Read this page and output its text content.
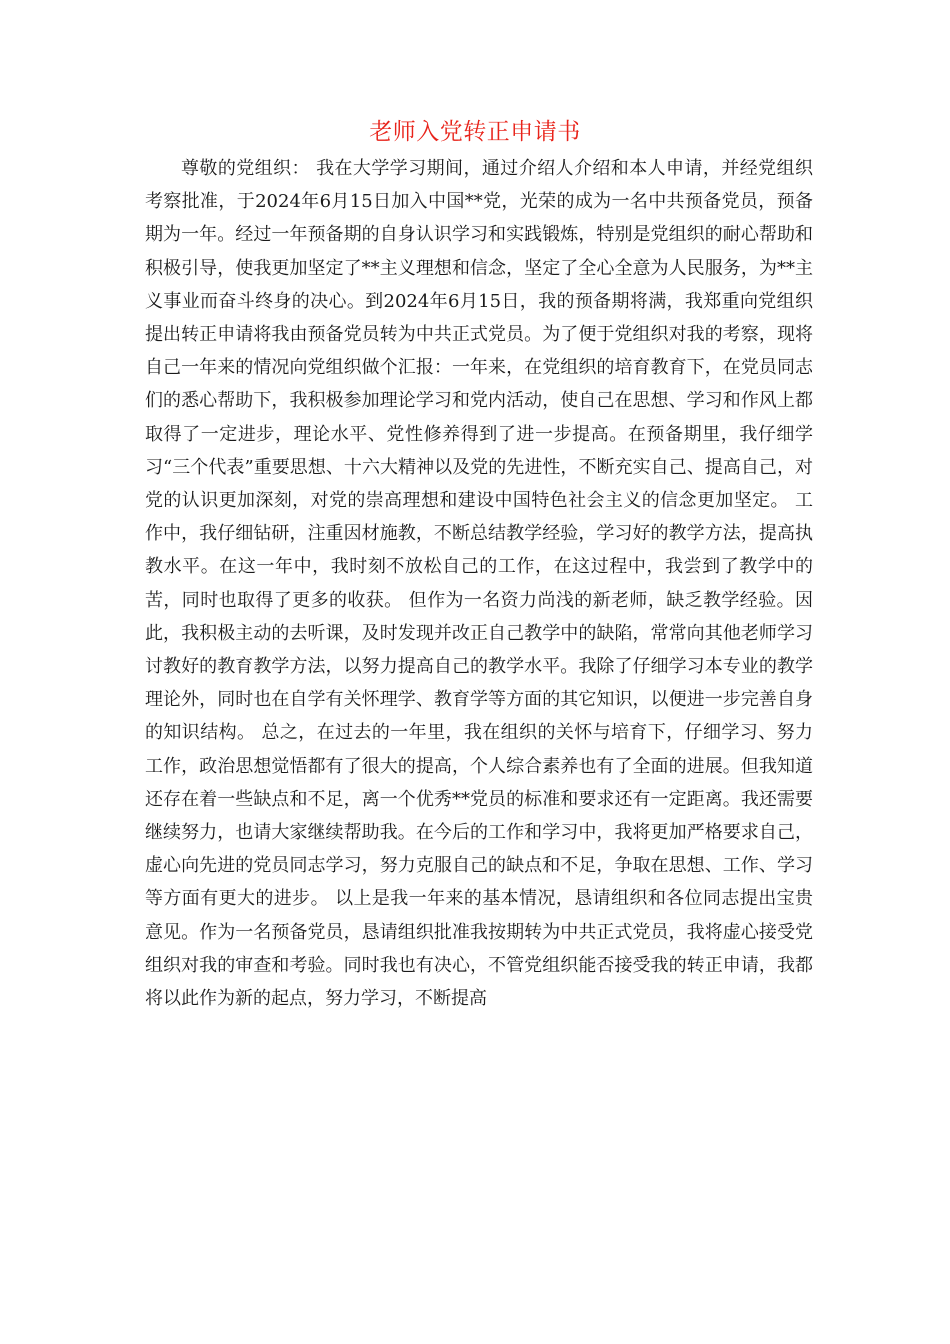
老师入党转正申请书

尊敬的党组织： 我在大学学习期间，通过介绍人介绍和本人申请，并经党组织考察批准，于2024年6月15日加入中国**党，光荣的成为一名中共预备党员，预备期为一年。经过一年预备期的自身认识学习和实践锻炼，特别是党组织的耐心帮助和积极引导，使我更加坚定了**主义理想和信念，坚定了全心全意为人民服务，为**主义事业而奋斗终身的决心。到2024年6月15日，我的预备期将满，我郑重向党组织提出转正申请将我由预备党员转为中共正式党员。为了便于党组织对我的考察，现将自己一年来的情况向党组织做个汇报：一年来，在党组织的培育教育下，在党员同志们的悉心帮助下，我积极参加理论学习和党内活动，使自己在思想、学习和作风上都取得了一定进步，理论水平、党性修养得到了进一步提高。在预备期里，我仔细学习“三个代表”重要思想、十六大精神以及党的先进性，不断充实自己、提高自己，对党的认识更加深刻，对党的崇高理想和建设中国特色社会主义的信念更加坚定。 工作中，我仔细钻研，注重因材施教，不断总结教学经验，学习好的教学方法，提高执教水平。在这一年中，我时刻不放松自己的工作，在这过程中，我尝到了教学中的苦，同时也取得了更多的收获。 但作为一名资力尚浅的新老师，缺乏教学经验。因此，我积极主动的去听课，及时发现并改正自己教学中的缺陷，常常向其他老师学习讨教好的教育教学方法，以努力提高自己的教学水平。我除了仔细学习本专业的教学理论外，同时也在自学有关怀理学、教育学等方面的其它知识，以便进一步完善自身的知识结构。 总之，在过去的一年里，我在组织的关怀与培育下，仔细学习、努力工作，政治思想觉悟都有了很大的提高，个人综合素养也有了全面的进展。但我知道还存在着一些缺点和不足，离一个优秀**党员的标准和要求还有一定距离。我还需要继续努力，也请大家继续帮助我。在今后的工作和学习中，我将更加严格要求自己，虚心向先进的党员同志学习，努力克服自己的缺点和不足，争取在思想、工作、学习等方面有更大的进步。 以上是我一年来的基本情况，恳请组织和各位同志提出宝贵意见。作为一名预备党员，恳请组织批准我按期转为中共正式党员，我将虚心接受党组织对我的审查和考验。同时我也有决心，不管党组织能否接受我的转正申请，我都将以此作为新的起点，努力学习，不断提高
